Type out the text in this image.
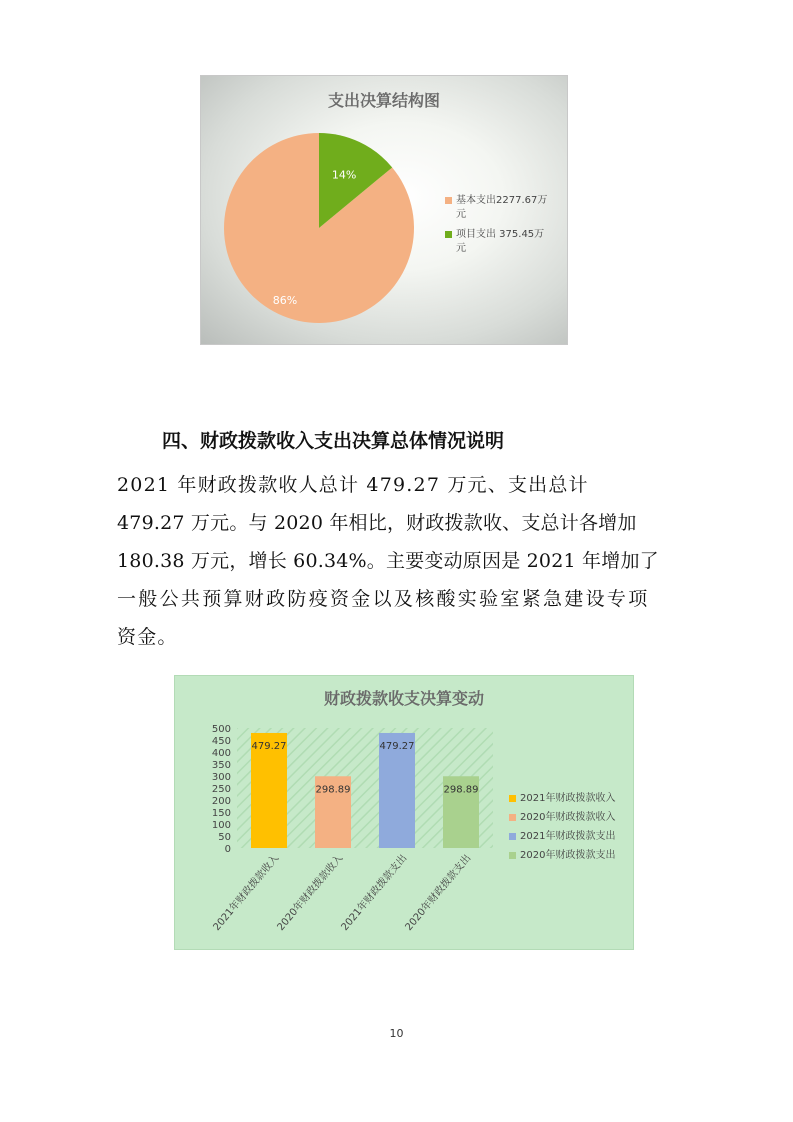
支出决算结构图
86%
14%
基本支出2277.67万
元
项目支出 375.45万
元
四、财政拨款收入支出决算总体情况说明
2021 年财政拨款收人总计 479.27 万元、支出总计
479.27 万元。与 2020 年相比，财政拨款收、支总计各增加
180.38 万元，增长 60.34%。主要变动原因是 2021 年增加了
一般公共预算财政防疫资金以及核酸实验室紧急建设专项
资金。
财政拨款收支决算变动
0
50
100
150
200
250
300
350
400
450
500
479.27
2021年财政拨款收入
298.89
2020年财政拨款收入
479.27
2021年财政拨款支出
298.89
2020年财政拨款支出
2021年财政拨款收入
2020年财政拨款收入
2021年财政拨款支出
2020年财政拨款支出
10
